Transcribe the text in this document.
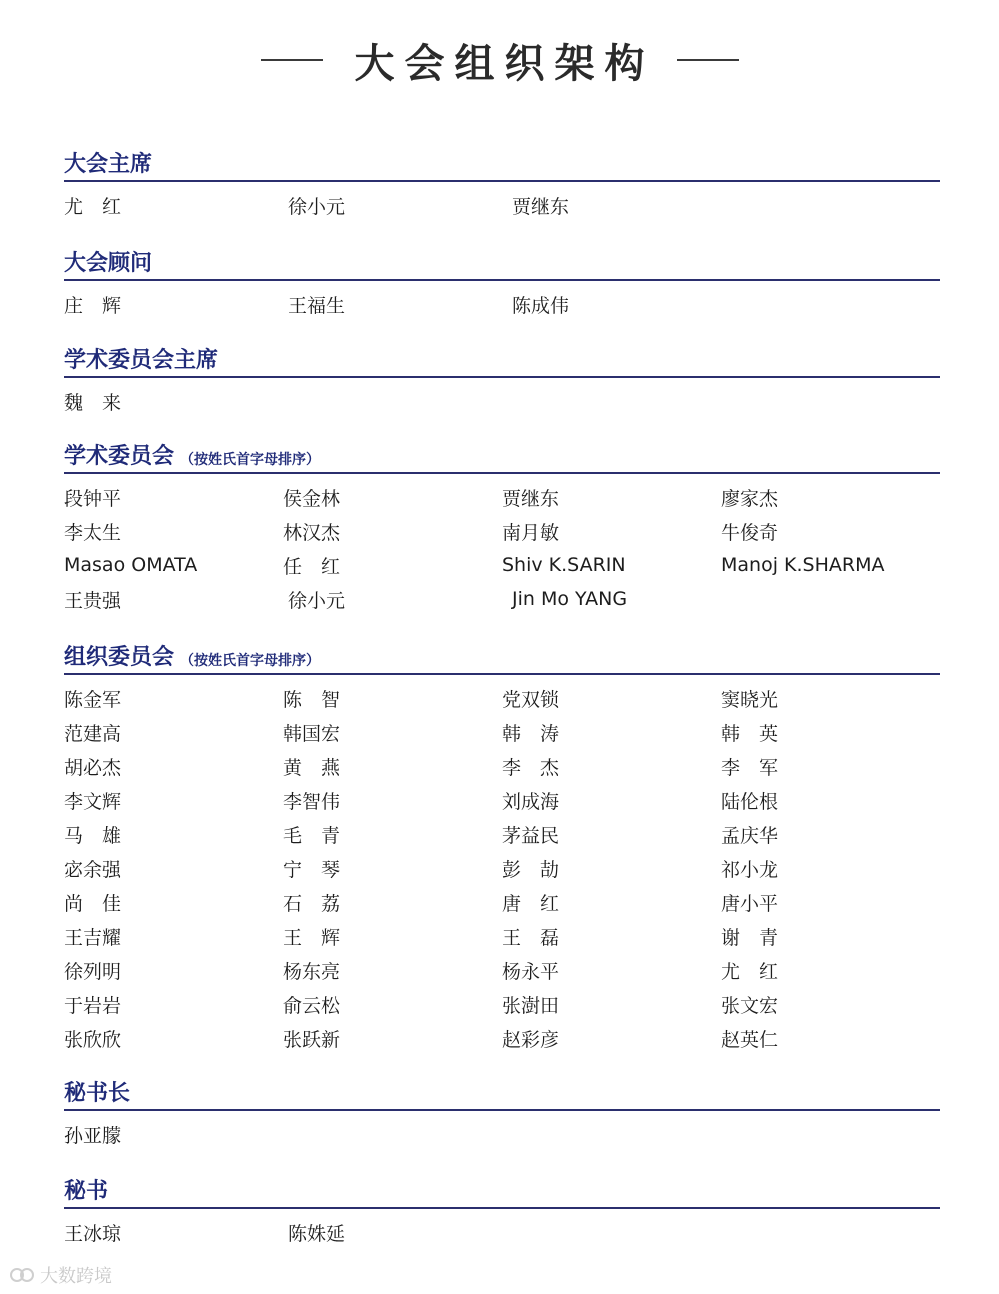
大会组织架构
大会主席
尤　红	徐小元	贾继东
大会顾问
庄　辉	王福生	陈成伟
学术委员会主席
魏　来
学术委员会 （按姓氏首字母排序）
段钟平	侯金林	贾继东	廖家杰
李太生	林汉杰	南月敏	牛俊奇
Masao OMATA	任　红	Shiv K.SARIN	Manoj K.SHARMA
王贵强	徐小元	Jin Mo YANG
组织委员会 （按姓氏首字母排序）
陈金军	陈　智	党双锁	窦晓光
范建高	韩国宏	韩　涛	韩　英
胡必杰	黄　燕	李　杰	李　军
李文辉	李智伟	刘成海	陆伦根
马　雄	毛　青	茅益民	孟庆华
宓余强	宁　琴	彭　劼	祁小龙
尚　佳	石　荔	唐　红	唐小平
王吉耀	王　辉	王　磊	谢　青
徐列明	杨东亮	杨永平	尤　红
于岩岩	俞云松	张澍田	张文宏
张欣欣	张跃新	赵彩彦	赵英仁
秘书长
孙亚朦
秘书
王冰琼	陈姝延
大数跨境
